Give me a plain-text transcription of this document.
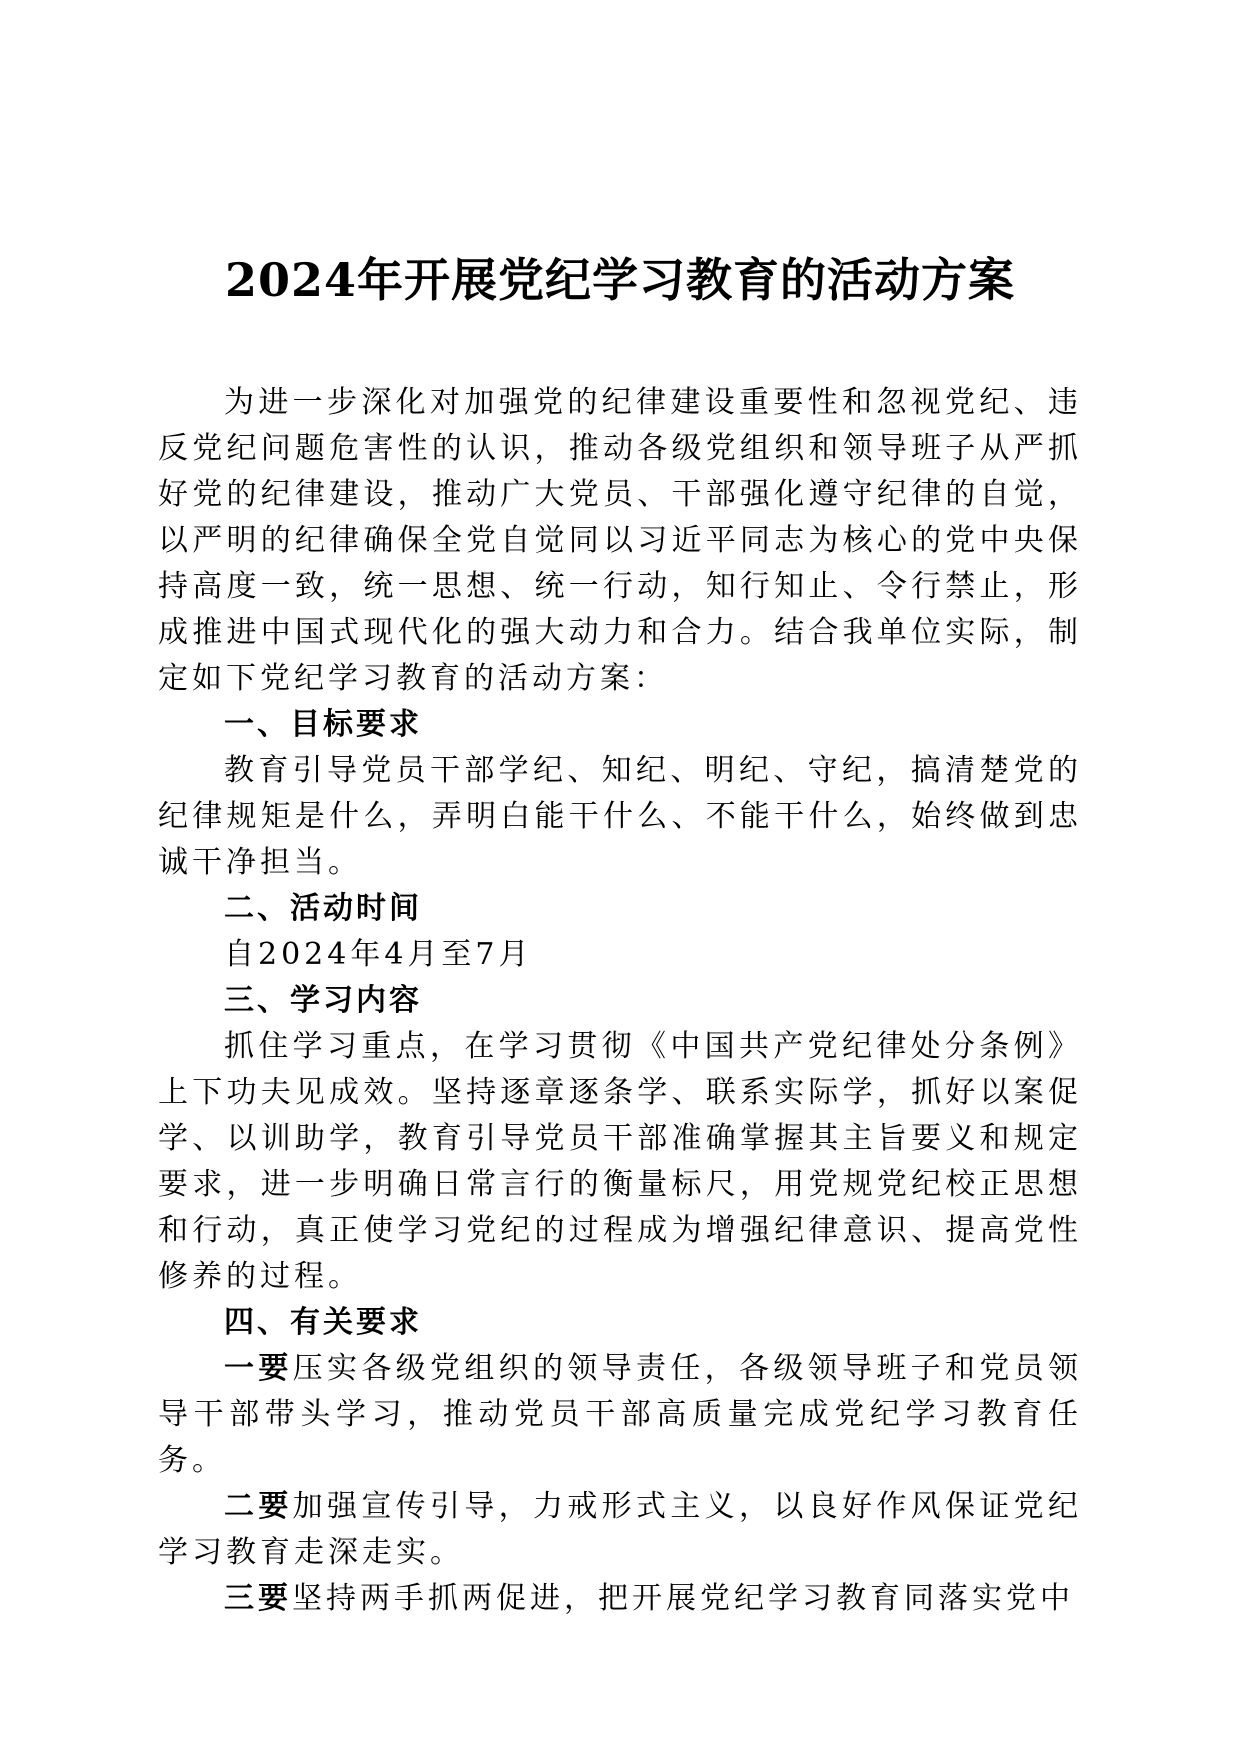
2024年开展党纪学习教育的活动方案

为进一步深化对加强党的纪律建设重要性和忽视党纪、违反党纪问题危害性的认识，推动各级党组织和领导班子从严抓好党的纪律建设，推动广大党员、干部强化遵守纪律的自觉，以严明的纪律确保全党自觉同以习近平同志为核心的党中央保持高度一致，统一思想、统一行动，知行知止、令行禁止，形成推进中国式现代化的强大动力和合力。结合我单位实际，制定如下党纪学习教育的活动方案：

一、目标要求

教育引导党员干部学纪、知纪、明纪、守纪，搞清楚党的纪律规矩是什么，弄明白能干什么、不能干什么，始终做到忠诚干净担当。

二、活动时间

自2024年4月至7月

三、学习内容

抓住学习重点，在学习贯彻《中国共产党纪律处分条例》上下功夫见成效。坚持逐章逐条学、联系实际学，抓好以案促学、以训助学，教育引导党员干部准确掌握其主旨要义和规定要求，进一步明确日常言行的衡量标尺，用党规党纪校正思想和行动，真正使学习党纪的过程成为增强纪律意识、提高党性修养的过程。

四、有关要求

一要压实各级党组织的领导责任，各级领导班子和党员领导干部带头学习，推动党员干部高质量完成党纪学习教育任务。

二要加强宣传引导，力戒形式主义，以良好作风保证党纪学习教育走深走实。

三要坚持两手抓两促进，把开展党纪学习教育同落实党中
